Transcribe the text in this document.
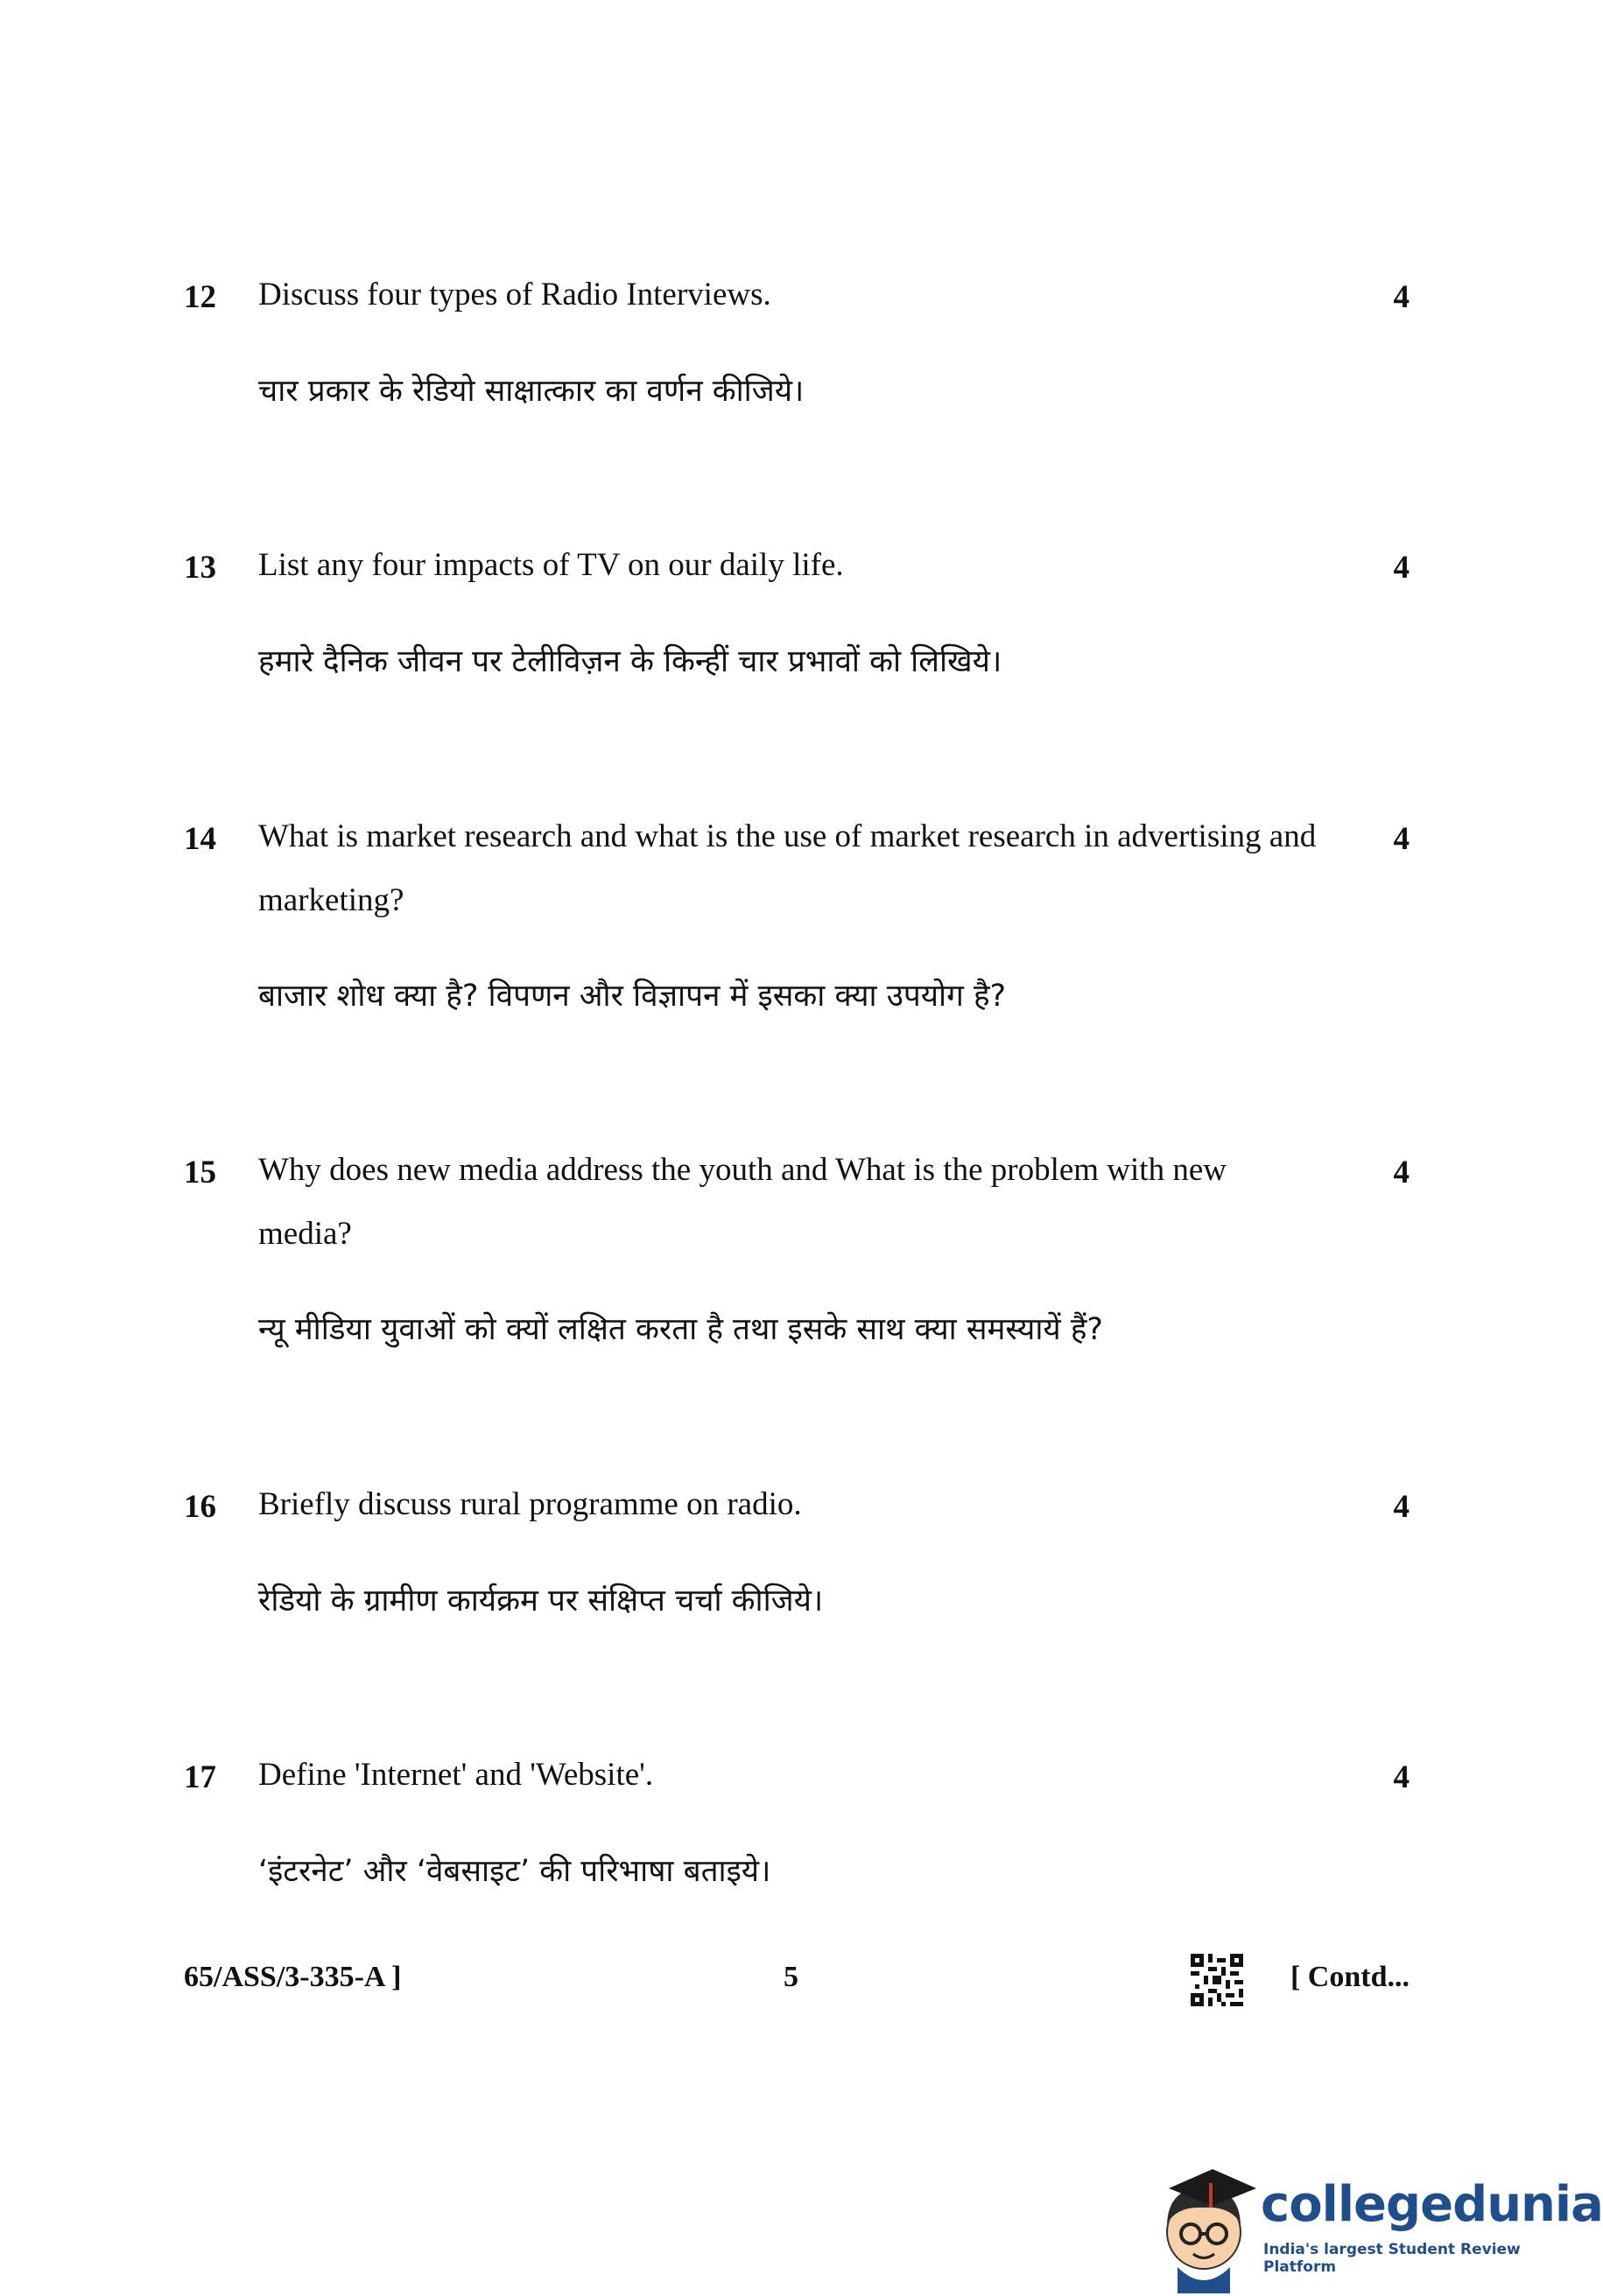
12 Discuss four types of Radio Interviews.	4
चार प्रकार के रेडियो साक्षात्कार का वर्णन कीजिये।
13 List any four impacts of TV on our daily life.	4
हमारे दैनिक जीवन पर टेलीविज़न के किन्हीं चार प्रभावों को लिखिये।
14 What is market research and what is the use of market research in advertising and marketing?
4
बाजार शोध क्या है? विपणन और विज्ञापन में इसका क्या उपयोग है?
15 Why does new media address the youth and What is the problem with new media?
4
न्यू मीडिया युवाओं को क्यों लक्षित करता है तथा इसके साथ क्या समस्यायें हैं?
16 Briefly discuss rural programme on radio.	4
रेडियो के ग्रामीण कार्यक्रम पर संक्षिप्त चर्चा कीजिये।
17 Define 'Internet' and 'Website'.	4
‘इंटरनेट’ और ‘वेबसाइट’ की परिभाषा बताइये।
65/ASS/3-335-A ]	5	[ Contd...
collegedunia
India's largest Student Review Platform
